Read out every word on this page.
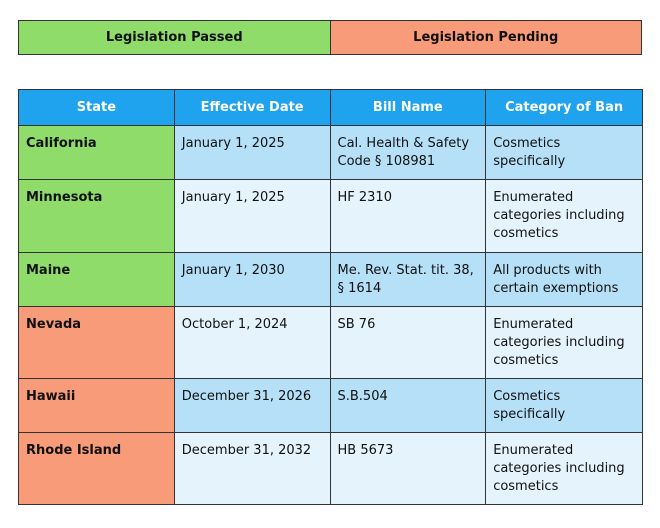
Legislation Passed	Legislation Pending
State	Effective Date	Bill Name	Category of Ban
California	January 1, 2025	Cal. Health & Safety Code § 108981	Cosmetics specifically
Minnesota	January 1, 2025	HF 2310	Enumerated categories including cosmetics
Maine	January 1, 2030	Me. Rev. Stat. tit. 38, § 1614	All products with certain exemptions
Nevada	October 1, 2024	SB 76	Enumerated categories including cosmetics
Hawaii	December 31, 2026	S.B.504	Cosmetics specifically
Rhode Island	December 31, 2032	HB 5673	Enumerated categories including cosmetics
